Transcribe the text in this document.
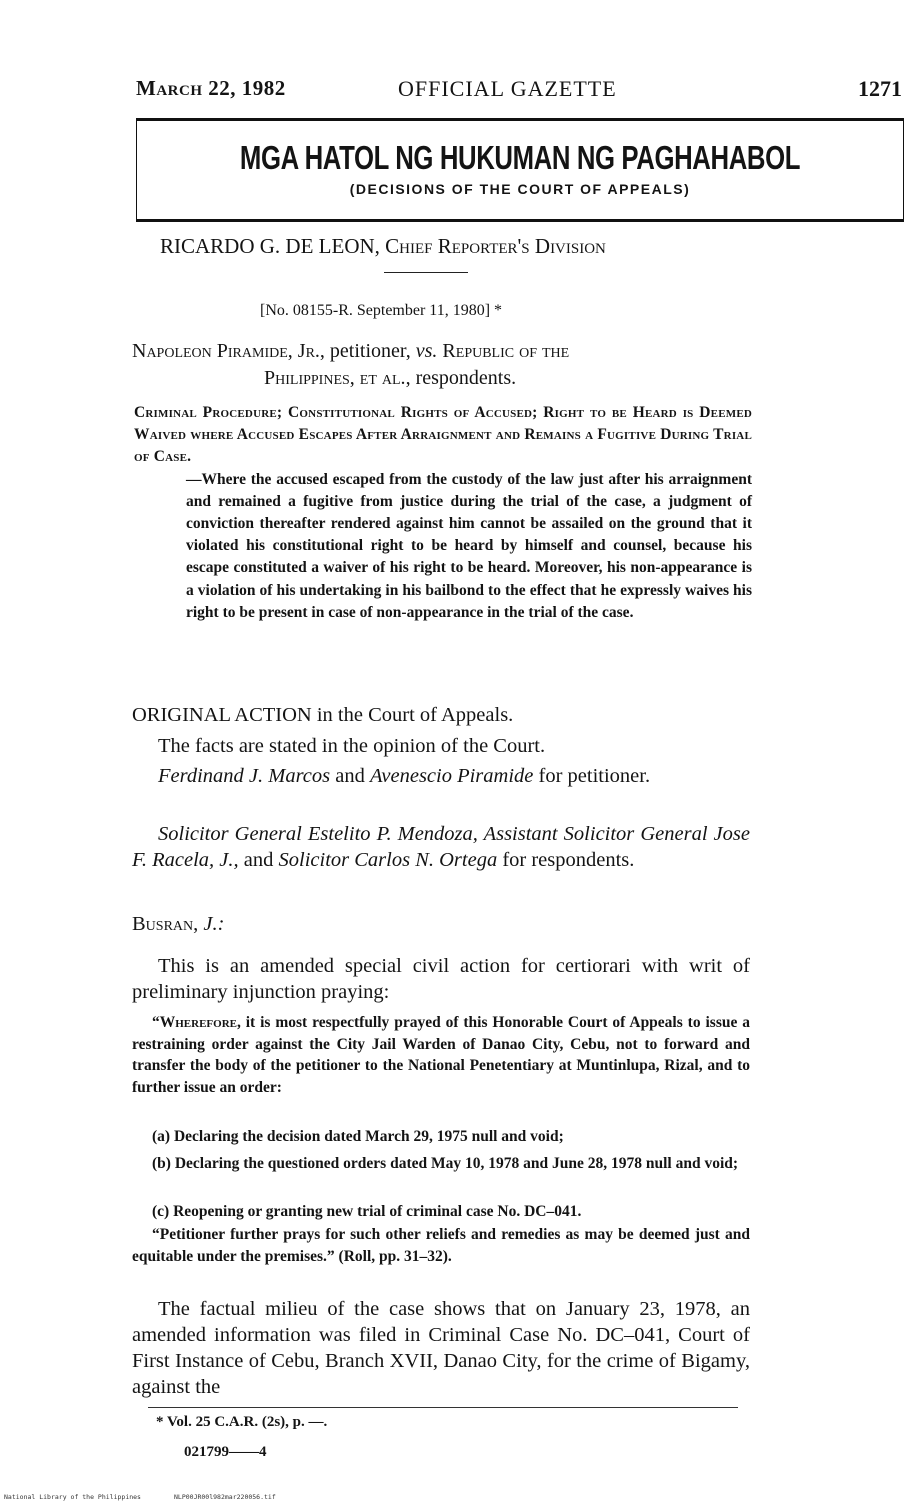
March 22, 1982	OFFICIAL GAZETTE	1271
MGA HATOL NG HUKUMAN NG PAGHAHABOL
(DECISIONS OF THE COURT OF APPEALS)
RICARDO G. DE LEON, Chief Reporter's Division
[No. 08155-R. September 11, 1980] *
Napoleon Piramide, Jr., petitioner, vs. Republic of the
Philippines, et al., respondents.
Criminal Procedure; Constitutional Rights of Accused; Right to be Heard is Deemed Waived where Accused Escapes After Arraignment and Remains a Fugitive During Trial of Case.
—Where the accused escaped from the custody of the law just after his arraignment and remained a fugitive from justice during the trial of the case, a judgment of conviction thereafter rendered against him cannot be assailed on the ground that it violated his constitutional right to be heard by himself and counsel, because his escape constituted a waiver of his right to be heard. Moreover, his non-appearance is a violation of his undertaking in his bailbond to the effect that he expressly waives his right to be present in case of non-appearance in the trial of the case.
ORIGINAL ACTION in the Court of Appeals.
The facts are stated in the opinion of the Court.
Ferdinand J. Marcos and Avenescio Piramide for petitioner.
Solicitor General Estelito P. Mendoza, Assistant Solicitor General Jose F. Racela, J., and Solicitor Carlos N. Ortega for respondents.
Busran, J.:
This is an amended special civil action for certiorari with writ of preliminary injunction praying:
“Wherefore, it is most respectfully prayed of this Honorable Court of Appeals to issue a restraining order against the City Jail Warden of Danao City, Cebu, not to forward and transfer the body of the petitioner to the National Penetentiary at Muntinlupa, Rizal, and to further issue an order:
(a) Declaring the decision dated March 29, 1975 null and void;
(b) Declaring the questioned orders dated May 10, 1978 and June 28, 1978 null and void;
(c) Reopening or granting new trial of criminal case No. DC–041.
“Petitioner further prays for such other reliefs and remedies as may be deemed just and equitable under the premises.” (Roll, pp. 31–32).
The factual milieu of the case shows that on January 23, 1978, an amended information was filed in Criminal Case No. DC–041, Court of First Instance of Cebu, Branch XVII, Danao City, for the crime of Bigamy, against the
* Vol. 25 C.A.R. (2s), p. —.
021799——4
National Library of the Philippines	NLP00JR00l982mar220056.tif
